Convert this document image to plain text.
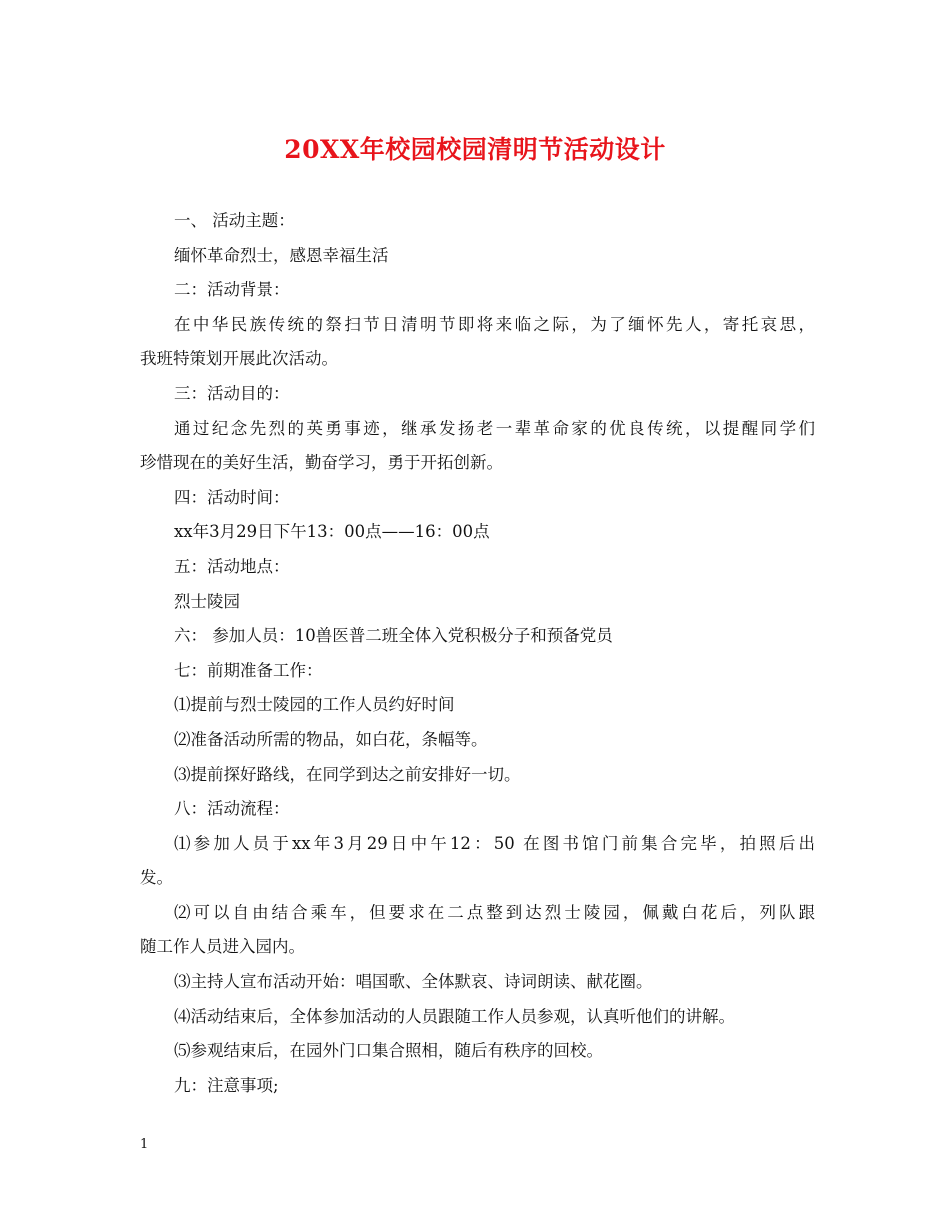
20XX年校园校园清明节活动设计
一、 活动主题：
缅怀革命烈士，感恩幸福生活
二：活动背景：
在中华民族传统的祭扫节日清明节即将来临之际，为了缅怀先人，寄托哀思，
我班特策划开展此次活动。
三：活动目的：
通过纪念先烈的英勇事迹，继承发扬老一辈革命家的优良传统，以提醒同学们
珍惜现在的美好生活，勤奋学习，勇于开拓创新。
四：活动时间：
xx年3月29日下午13：00点——16：00点
五：活动地点：
烈士陵园
六： 参加人员：10兽医普二班全体入党积极分子和预备党员
七：前期准备工作：
⑴提前与烈士陵园的工作人员约好时间
⑵准备活动所需的物品，如白花，条幅等。
⑶提前探好路线，在同学到达之前安排好一切。
八：活动流程：
⑴参加人员于xx年3月29日中午12：50 在图书馆门前集合完毕，拍照后出
发。
⑵可以自由结合乘车，但要求在二点整到达烈士陵园，佩戴白花后，列队跟
随工作人员进入园内。
⑶主持人宣布活动开始：唱国歌、全体默哀、诗词朗读、献花圈。
⑷活动结束后，全体参加活动的人员跟随工作人员参观，认真听他们的讲解。
⑸参观结束后，在园外门口集合照相，随后有秩序的回校。
九：注意事项;
1
